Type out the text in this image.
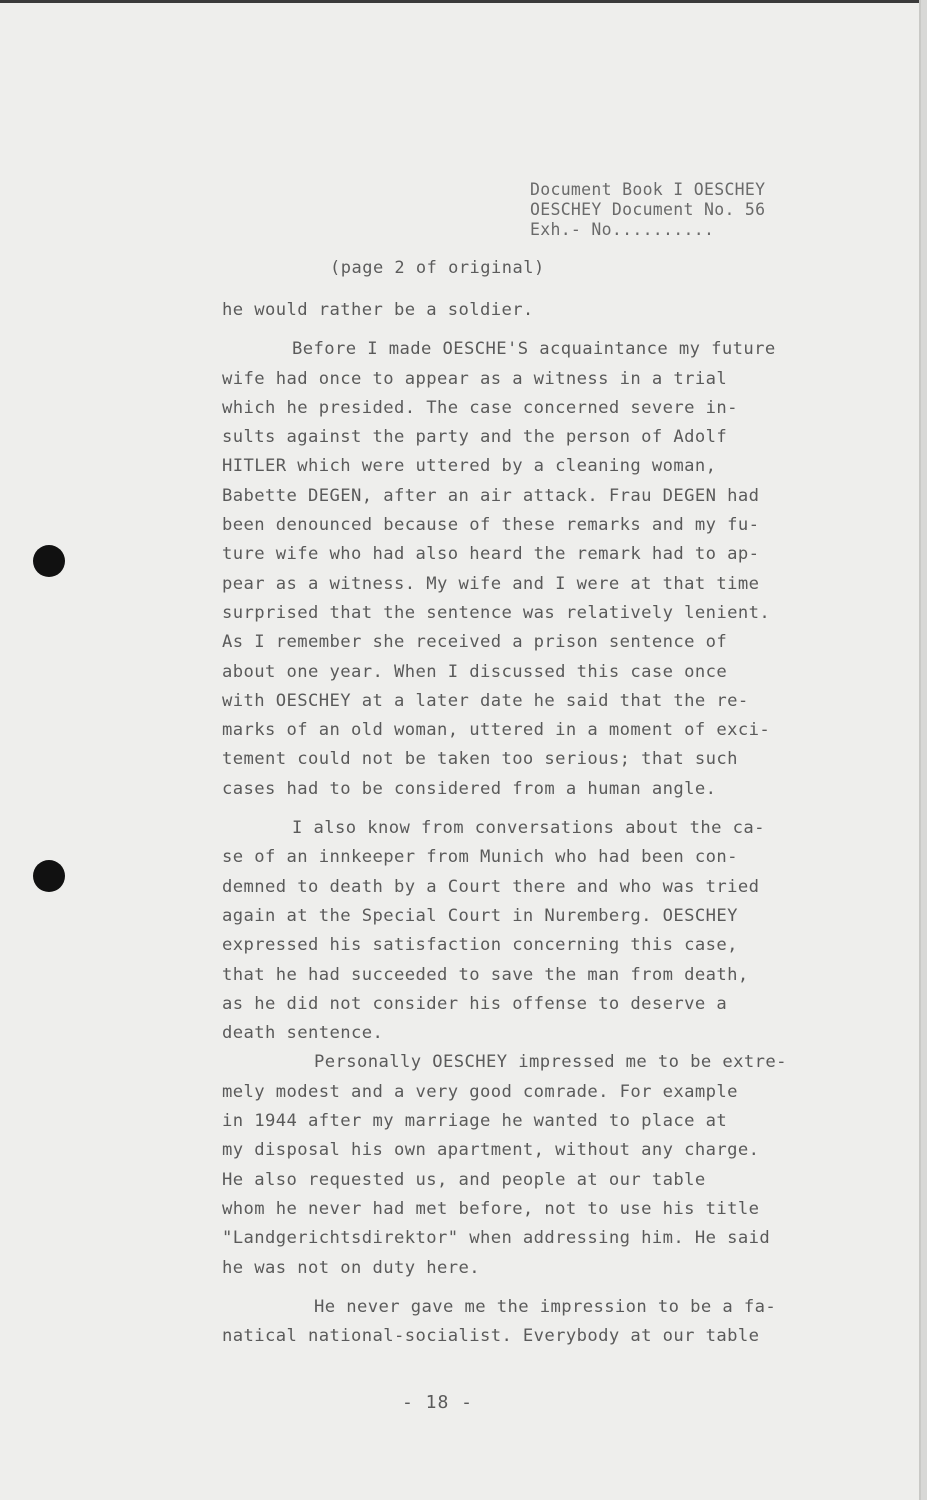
Document Book I OESCHEY
OESCHEY Document No. 56
Exh.- No..........
(page 2 of original)
he would rather be a soldier.
Before I made OESCHE'S acquaintance my future
wife had once to appear as a witness in a trial
which he presided. The case concerned severe in-
sults against the party and the person of Adolf
HITLER which were uttered by a cleaning woman,
Babette DEGEN, after an air attack. Frau DEGEN had
been denounced because of these remarks and my fu-
ture wife who had also heard the remark had to ap-
pear as a witness. My wife and I were at that time
surprised that the sentence was relatively lenient.
As I remember she received a prison sentence of
about one year. When I discussed this case once
with OESCHEY at a later date he said that the re-
marks of an old woman, uttered in a moment of exci-
tement could not be taken too serious; that such
cases had to be considered from a human angle.
I also know from conversations about the ca-
se of an innkeeper from Munich who had been con-
demned to death by a Court there and who was tried
again at the Special Court in Nuremberg. OESCHEY
expressed his satisfaction concerning this case,
that he had succeeded to save the man from death,
as he did not consider his offense to deserve a
death sentence.
Personally OESCHEY impressed me to be extre-
mely modest and a very good comrade. For example
in 1944 after my marriage he wanted to place at
my disposal his own apartment, without any charge.
He also requested us, and people at our table
whom he never had met before, not to use his title
"Landgerichtsdirektor" when addressing him. He said
he was not on duty here.
He never gave me the impression to be a fa-
natical national-socialist. Everybody at our table
- 18 -
